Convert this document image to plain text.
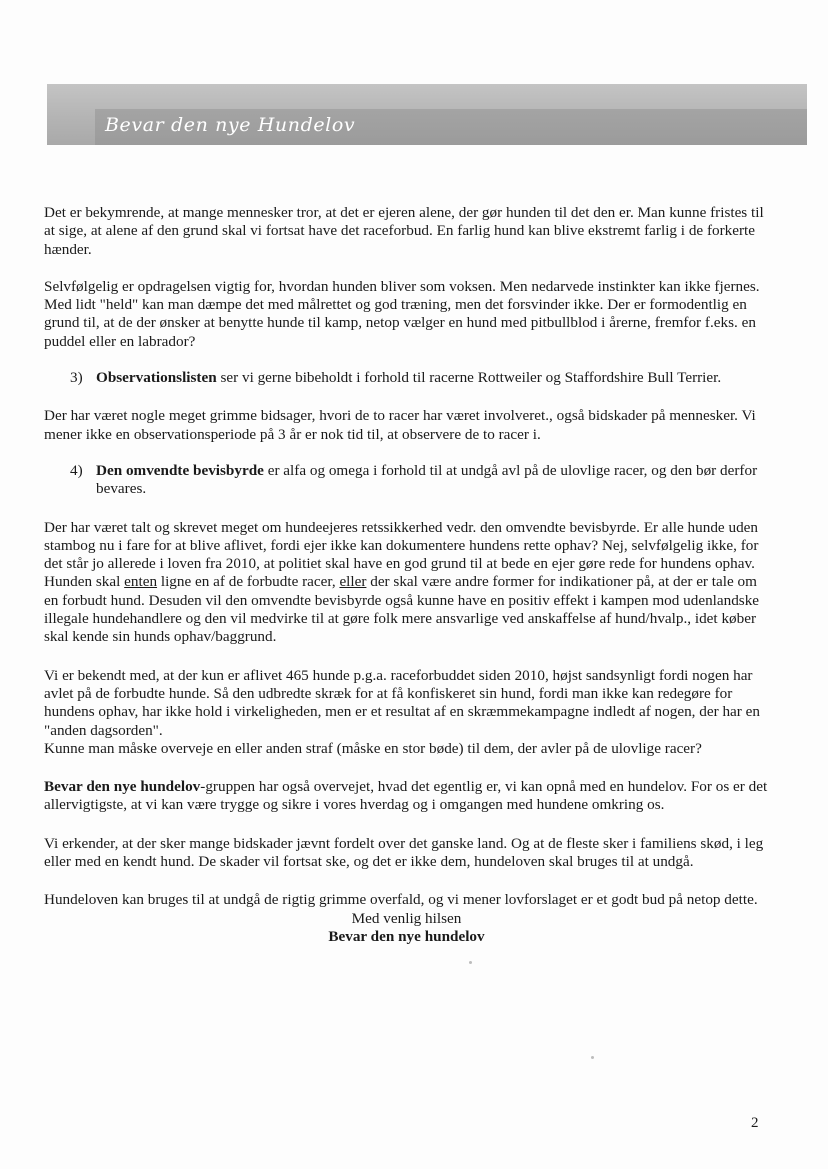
Bevar den nye Hundelov

Det er bekymrende, at mange mennesker tror, at det er ejeren alene, der gør hunden til det den er. Man kunne fristes til at sige, at alene af den grund skal vi fortsat have det raceforbud. En farlig hund kan blive ekstremt farlig i de forkerte hænder.

Selvfølgelig er opdragelsen vigtig for, hvordan hunden bliver som voksen. Men nedarvede instinkter kan ikke fjernes. Med lidt "held" kan man dæmpe det med målrettet og god træning, men det forsvinder ikke. Der er formodentlig en grund til, at de der ønsker at benytte hunde til kamp, netop vælger en hund med pitbullblod i årerne, fremfor f.eks. en puddel eller en labrador?

3) Observationslisten ser vi gerne bibeholdt i forhold til racerne Rottweiler og Staffordshire Bull Terrier.

Der har været nogle meget grimme bidsager, hvori de to racer har været involveret., også bidskader på mennesker. Vi mener ikke en observationsperiode på 3 år er nok tid til, at observere de to racer i.

4) Den omvendte bevisbyrde er alfa og omega i forhold til at undgå avl på de ulovlige racer, og den bør derfor bevares.

Der har været talt og skrevet meget om hundeejeres retssikkerhed vedr. den omvendte bevisbyrde. Er alle hunde uden stambog nu i fare for at blive aflivet, fordi ejer ikke kan dokumentere hundens rette ophav? Nej, selvfølgelig ikke, for det står jo allerede i loven fra 2010, at politiet skal have en god grund til at bede en ejer gøre rede for hundens ophav. Hunden skal enten ligne en af de forbudte racer, eller der skal være andre former for indikationer på, at der er tale om en forbudt hund. Desuden vil den omvendte bevisbyrde også kunne have en positiv effekt i kampen mod udenlandske illegale hundehandlere og den vil medvirke til at gøre folk mere ansvarlige ved anskaffelse af hund/hvalp., idet køber skal kende sin hunds ophav/baggrund.

Vi er bekendt med, at der kun er aflivet 465 hunde p.g.a. raceforbuddet siden 2010, højst sandsynligt fordi nogen har avlet på de forbudte hunde. Så den udbredte skræk for at få konfiskeret sin hund, fordi man ikke kan redegøre for hundens ophav, har ikke hold i virkeligheden, men er et resultat af en skræmmekampagne indledt af nogen, der har en "anden dagsorden".

Kunne man måske overveje en eller anden straf (måske en stor bøde) til dem, der avler på de ulovlige racer?

Bevar den nye hundelov-gruppen har også overvejet, hvad det egentlig er, vi kan opnå med en hundelov. For os er det allervigtigste, at vi kan være trygge og sikre i vores hverdag og i omgangen med hundene omkring os.

Vi erkender, at der sker mange bidskader jævnt fordelt over det ganske land. Og at de fleste sker i familiens skød, i leg eller med en kendt hund. De skader vil fortsat ske, og det er ikke dem, hundeloven skal bruges til at undgå.

Hundeloven kan bruges til at undgå de rigtig grimme overfald, og vi mener lovforslaget er et godt bud på netop dette.

Med venlig hilsen

Bevar den nye hundelov

2
